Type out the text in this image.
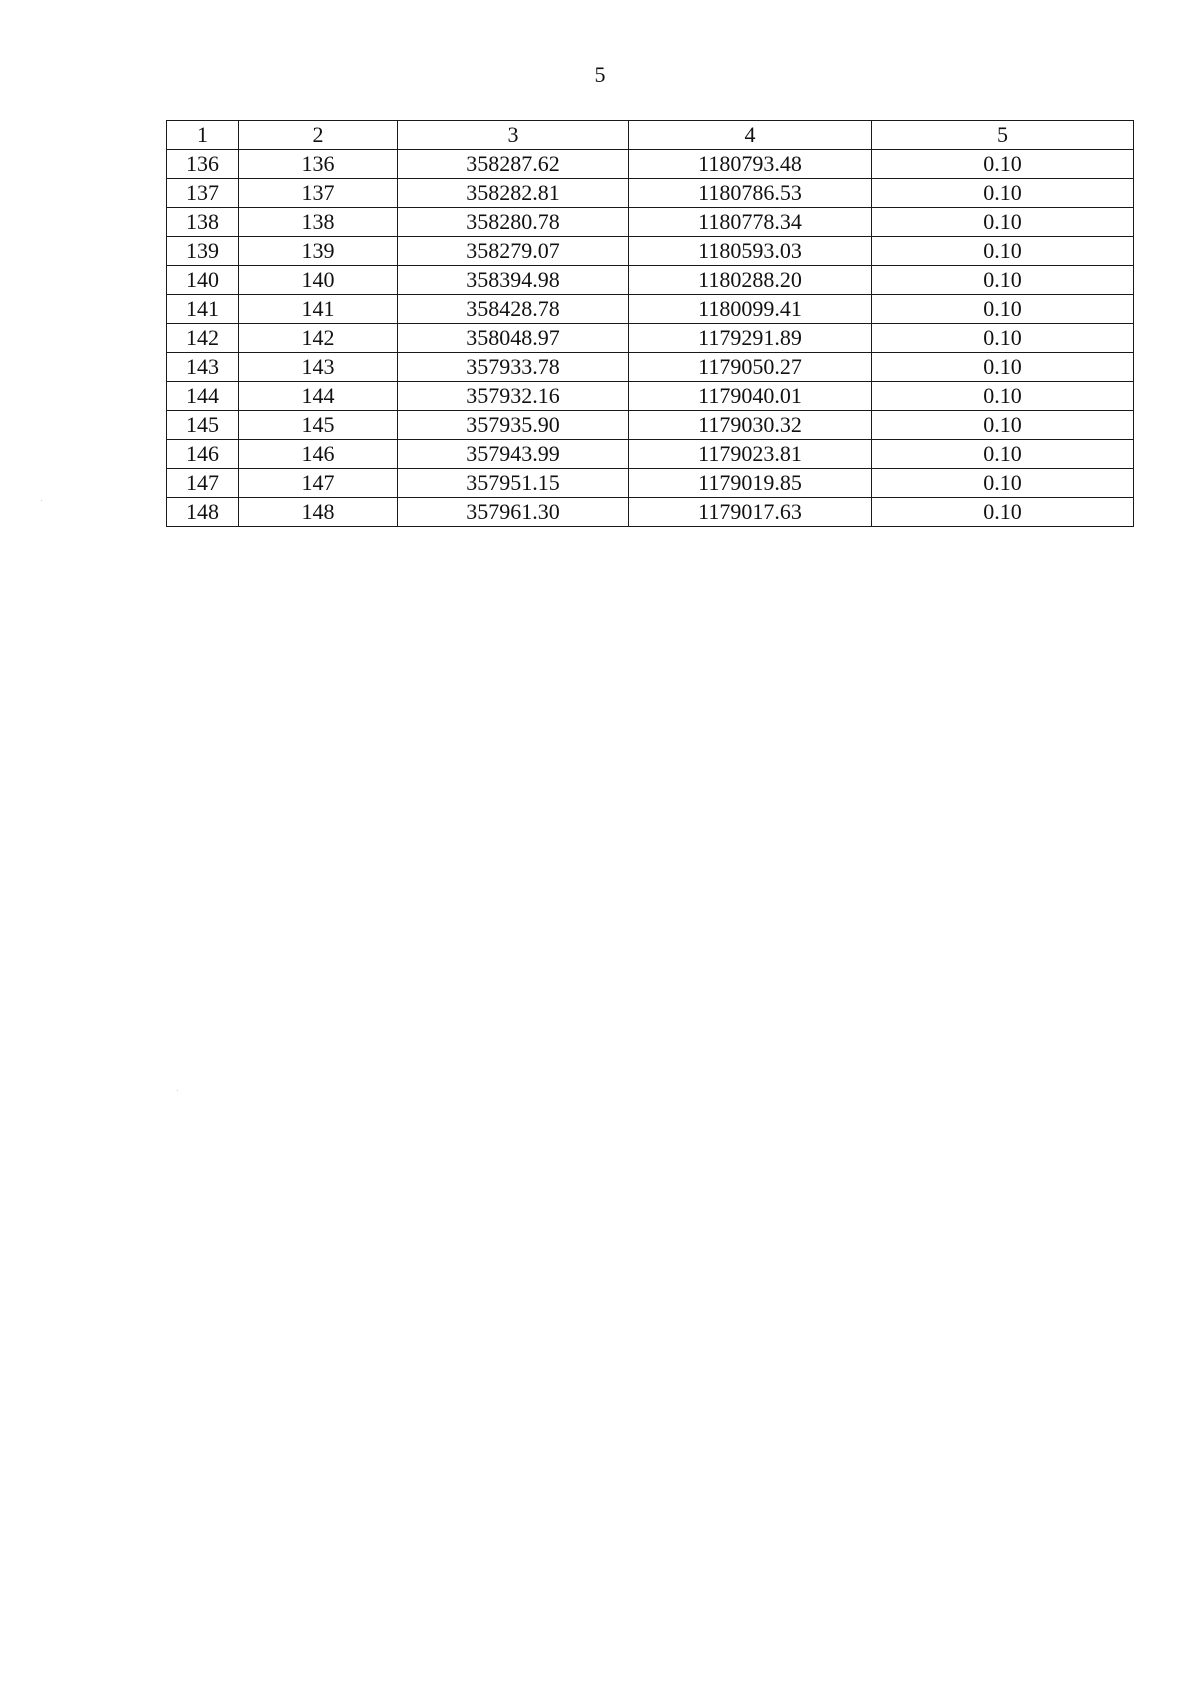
5
1	2	3	4	5
136	136	358287.62	1180793.48	0.10
137	137	358282.81	1180786.53	0.10
138	138	358280.78	1180778.34	0.10
139	139	358279.07	1180593.03	0.10
140	140	358394.98	1180288.20	0.10
141	141	358428.78	1180099.41	0.10
142	142	358048.97	1179291.89	0.10
143	143	357933.78	1179050.27	0.10
144	144	357932.16	1179040.01	0.10
145	145	357935.90	1179030.32	0.10
146	146	357943.99	1179023.81	0.10
147	147	357951.15	1179019.85	0.10
148	148	357961.30	1179017.63	0.10
